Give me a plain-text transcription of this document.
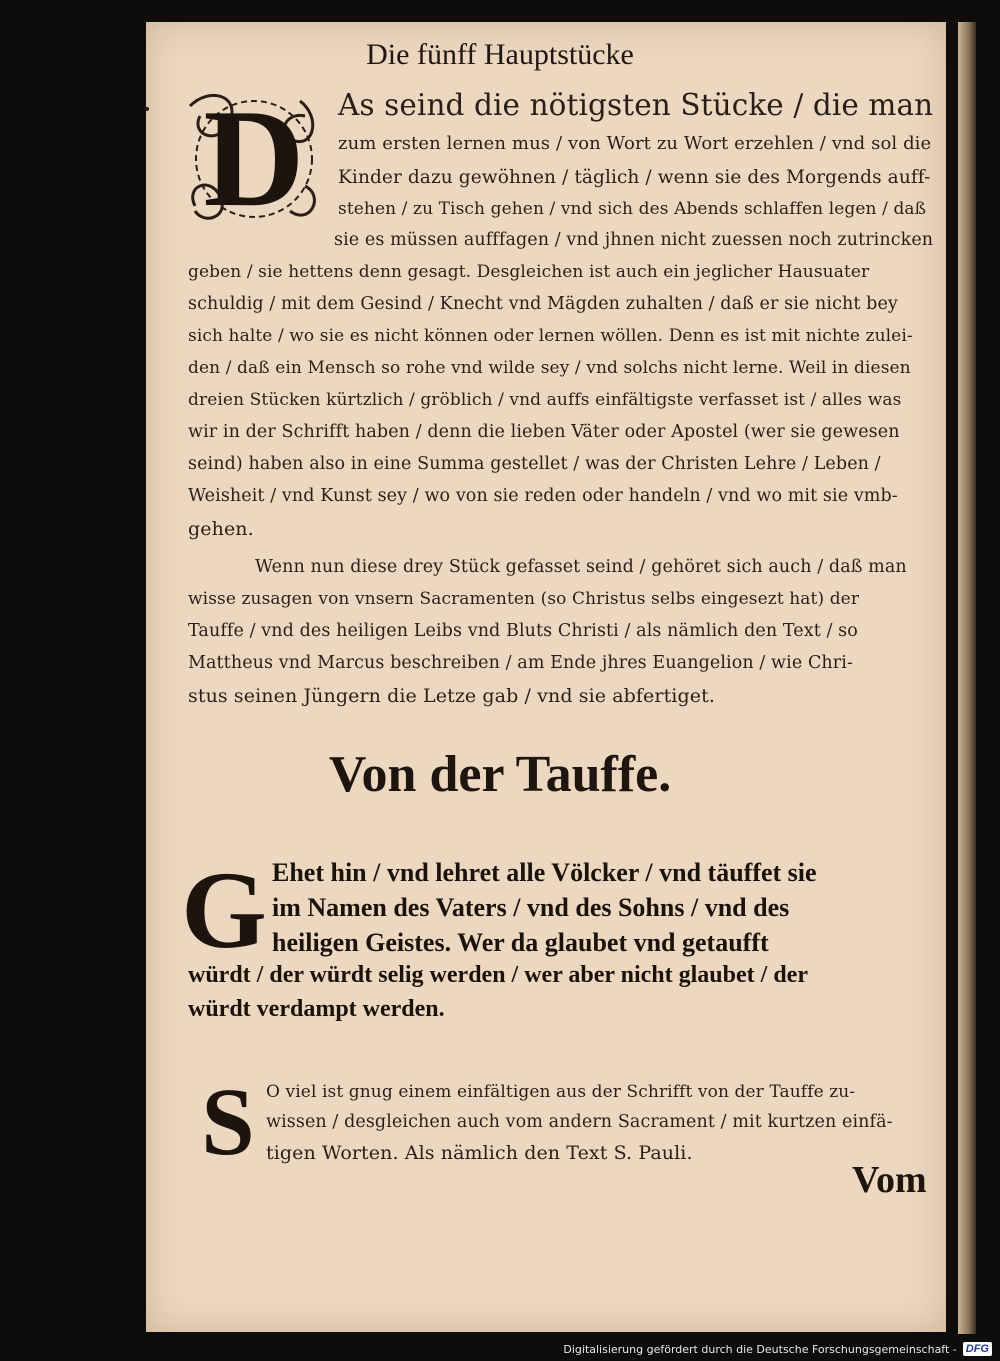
Die fünff Hauptstücke
• D As seind die nötigsten Stücke / die man
zum ersten lernen mus / von Wort zu Wort erzehlen / vnd sol die
Kinder dazu gewöhnen / täglich / wenn sie des Morgends auff-
stehen / zu Tisch gehen / vnd sich des Abends schlaffen legen / daß
sie es müssen aufffagen / vnd jhnen nicht zuessen noch zutrincken
geben / sie hettens denn gesagt. Desgleichen ist auch ein jeglicher Hausuater
schuldig / mit dem Gesind / Knecht vnd Mägden zuhalten / daß er sie nicht bey
sich halte / wo sie es nicht können oder lernen wöllen. Denn es ist mit nichte zulei-
den / daß ein Mensch so rohe vnd wilde sey / vnd solchs nicht lerne. Weil in diesen
dreien Stücken kürtzlich / gröblich / vnd auffs einfältigste verfasset ist / alles was
wir in der Schrifft haben / denn die lieben Väter oder Apostel (wer sie gewesen
seind) haben also in eine Summa gestellet / was der Christen Lehre / Leben /
Weisheit / vnd Kunst sey / wo von sie reden oder handeln / vnd wo mit sie vmb-
gehen.
Wenn nun diese drey Stück gefasset seind / gehöret sich auch / daß man
wisse zusagen von vnsern Sacramenten (so Christus selbs eingesezt hat) der
Tauffe / vnd des heiligen Leibs vnd Bluts Christi / als nämlich den Text / so
Mattheus vnd Marcus beschreiben / am Ende jhres Euangelion / wie Chri-
stus seinen Jüngern die Letze gab / vnd sie abfertiget.
Von der Tauffe.
G Ehet hin / vnd lehret alle Völcker / vnd täuffet sie
im Namen des Vaters / vnd des Sohns / vnd des
heiligen Geistes. Wer da glaubet vnd getaufft
würdt / der würdt selig werden / wer aber nicht glaubet / der
würdt verdampt werden.
S O viel ist gnug einem einfältigen aus der Schrifft von der Tauffe zu-
wissen / desgleichen auch vom andern Sacrament / mit kurtzen einfä-
tigen Worten. Als nämlich den Text S. Pauli.
Vom
Digitalisierung gefördert durch die Deutsche Forschungsgemeinschaft - DFG
